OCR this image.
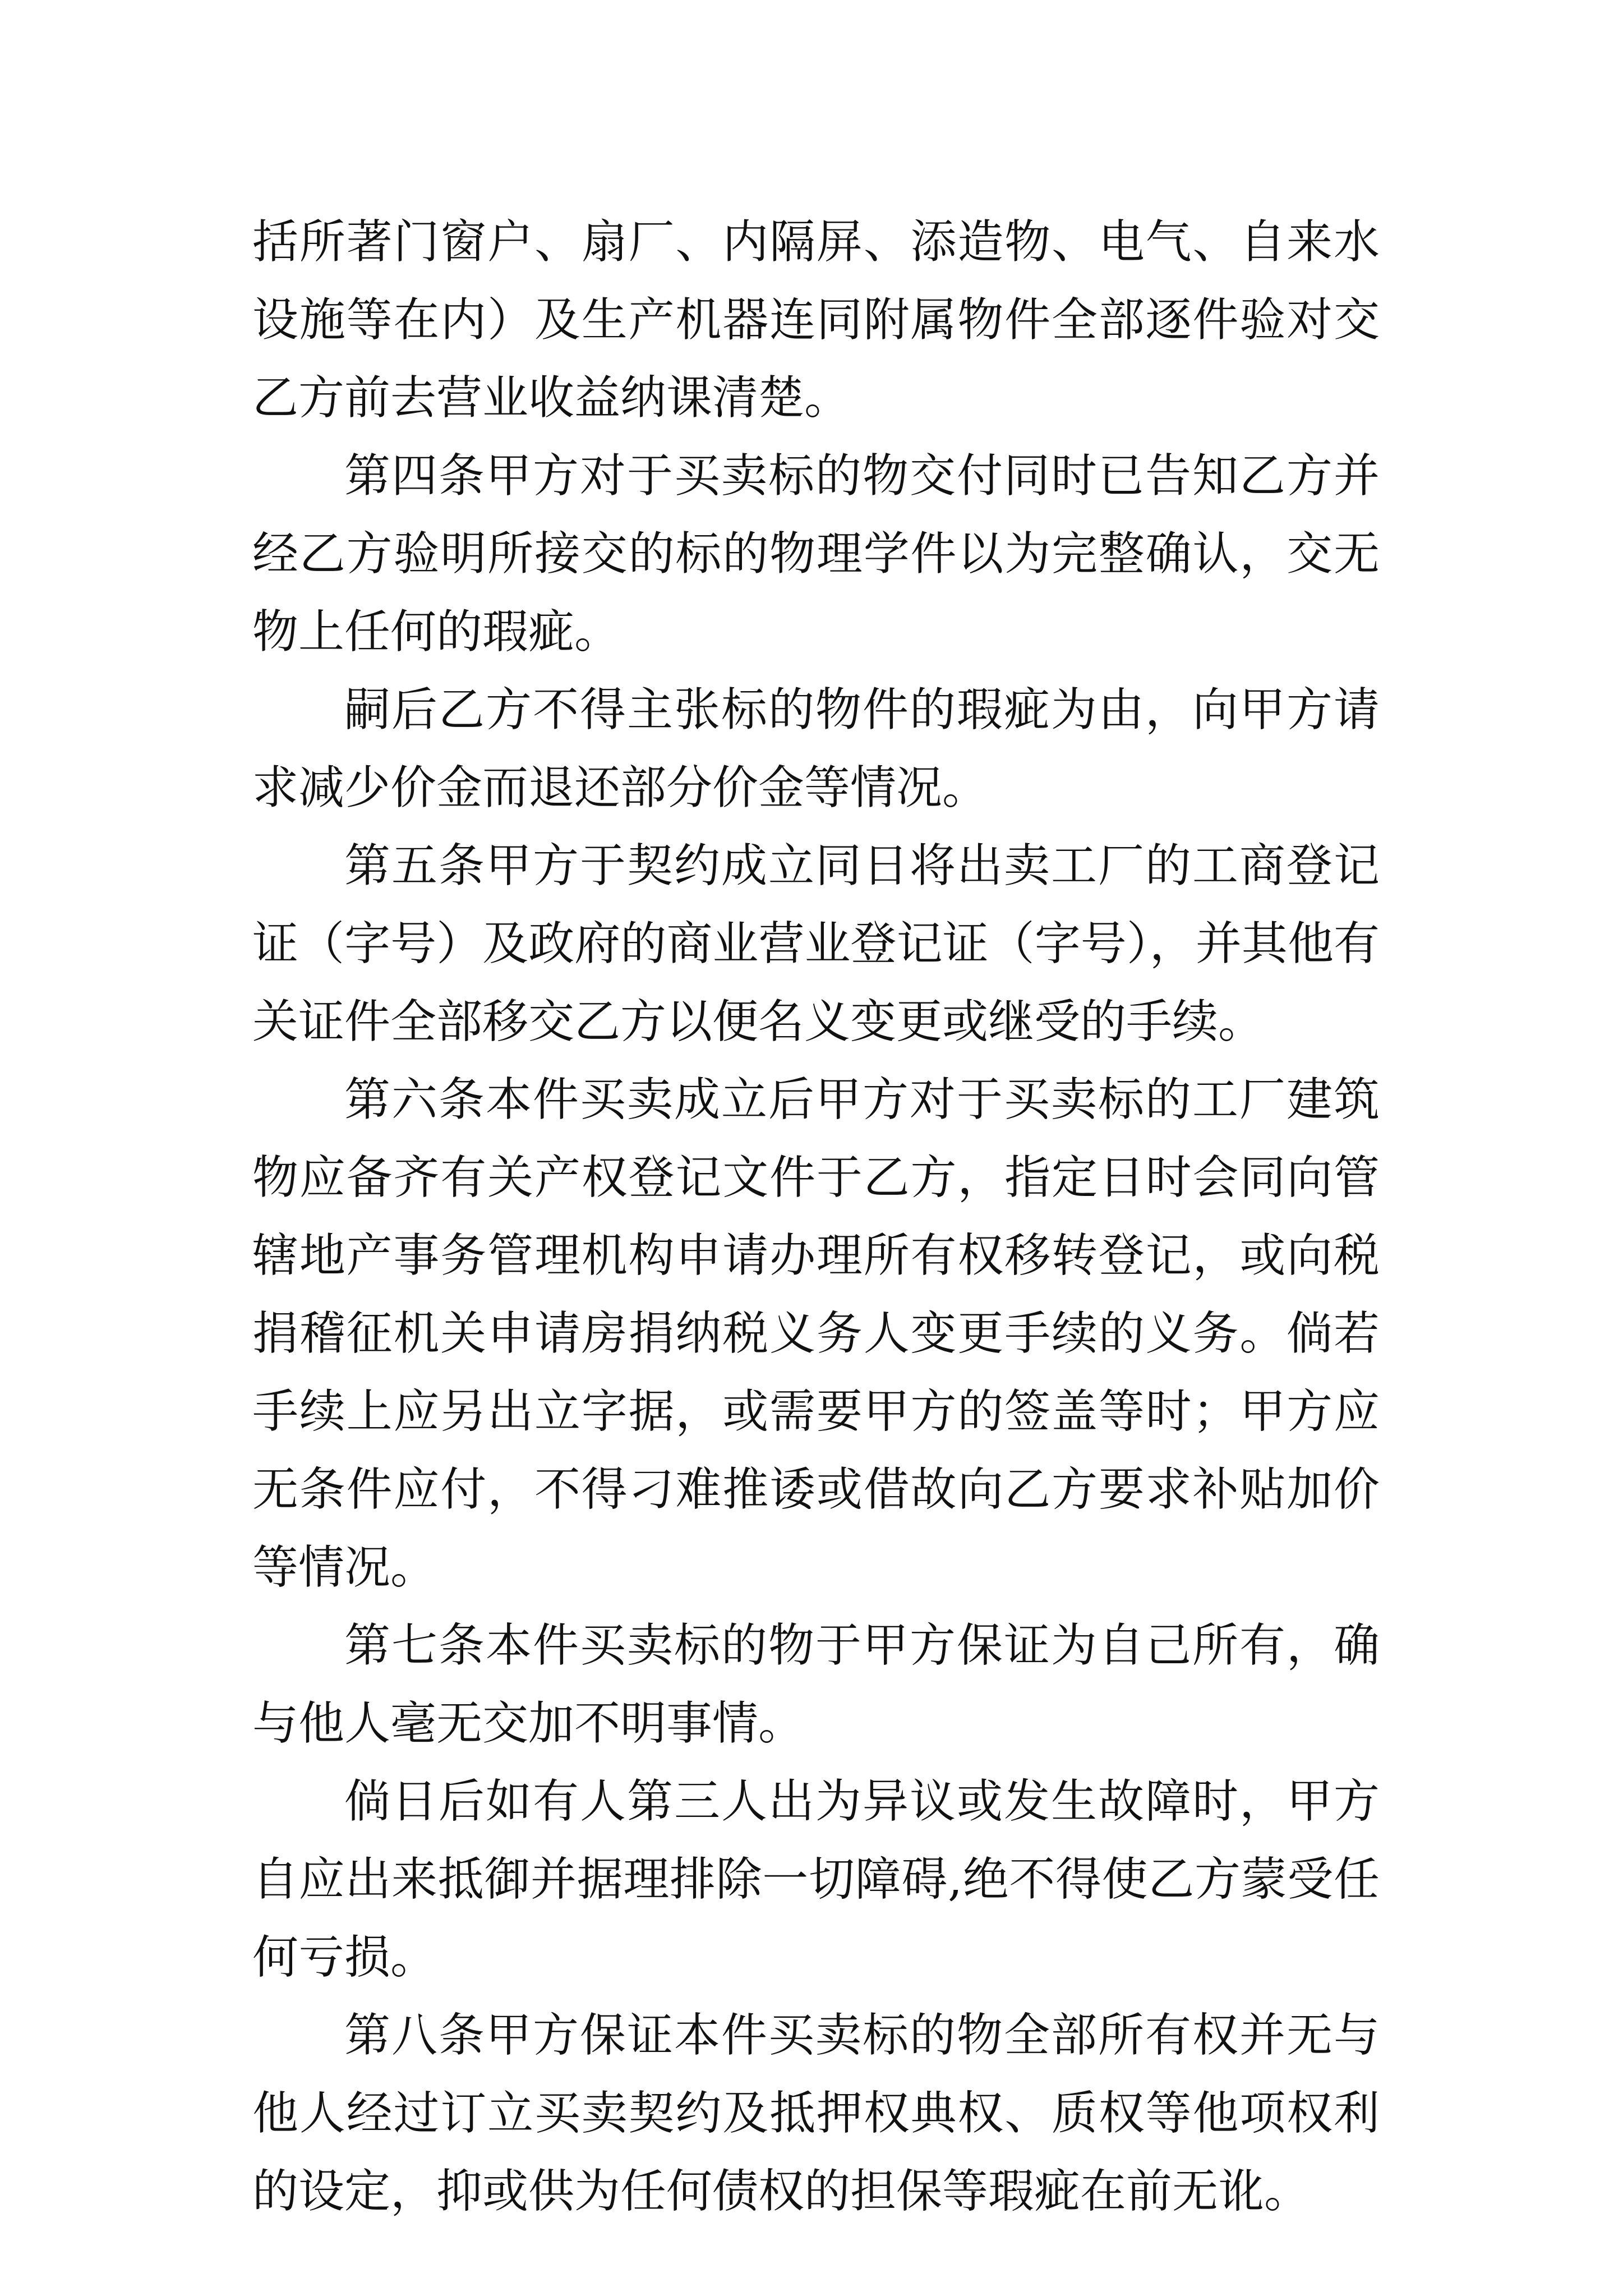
括所著门窗户、扇厂、内隔屏、添造物、电气、自来水设施等在内）及生产机器连同附属物件全部逐件验对交乙方前去营业收益纳课清楚。

第四条甲方对于买卖标的物交付同时已告知乙方并经乙方验明所接交的标的物理学件以为完整确认，交无物上任何的瑕疵。

嗣后乙方不得主张标的物件的瑕疵为由，向甲方请求减少价金而退还部分价金等情况。

第五条甲方于契约成立同日将出卖工厂的工商登记证（字号）及政府的商业营业登记证（字号），并其他有关证件全部移交乙方以便名义变更或继受的手续。

第六条本件买卖成立后甲方对于买卖标的工厂建筑物应备齐有关产权登记文件于乙方，指定日时会同向管辖地产事务管理机构申请办理所有权移转登记，或向税捐稽征机关申请房捐纳税义务人变更手续的义务。倘若手续上应另出立字据，或需要甲方的签盖等时；甲方应无条件应付，不得刁难推诿或借故向乙方要求补贴加价等情况。

第七条本件买卖标的物于甲方保证为自己所有，确与他人毫无交加不明事情。

倘日后如有人第三人出为异议或发生故障时，甲方自应出来抵御并据理排除一切障碍,绝不得使乙方蒙受任何亏损。

第八条甲方保证本件买卖标的物全部所有权并无与他人经过订立买卖契约及抵押权典权、质权等他项权利的设定，抑或供为任何债权的担保等瑕疵在前无讹。
